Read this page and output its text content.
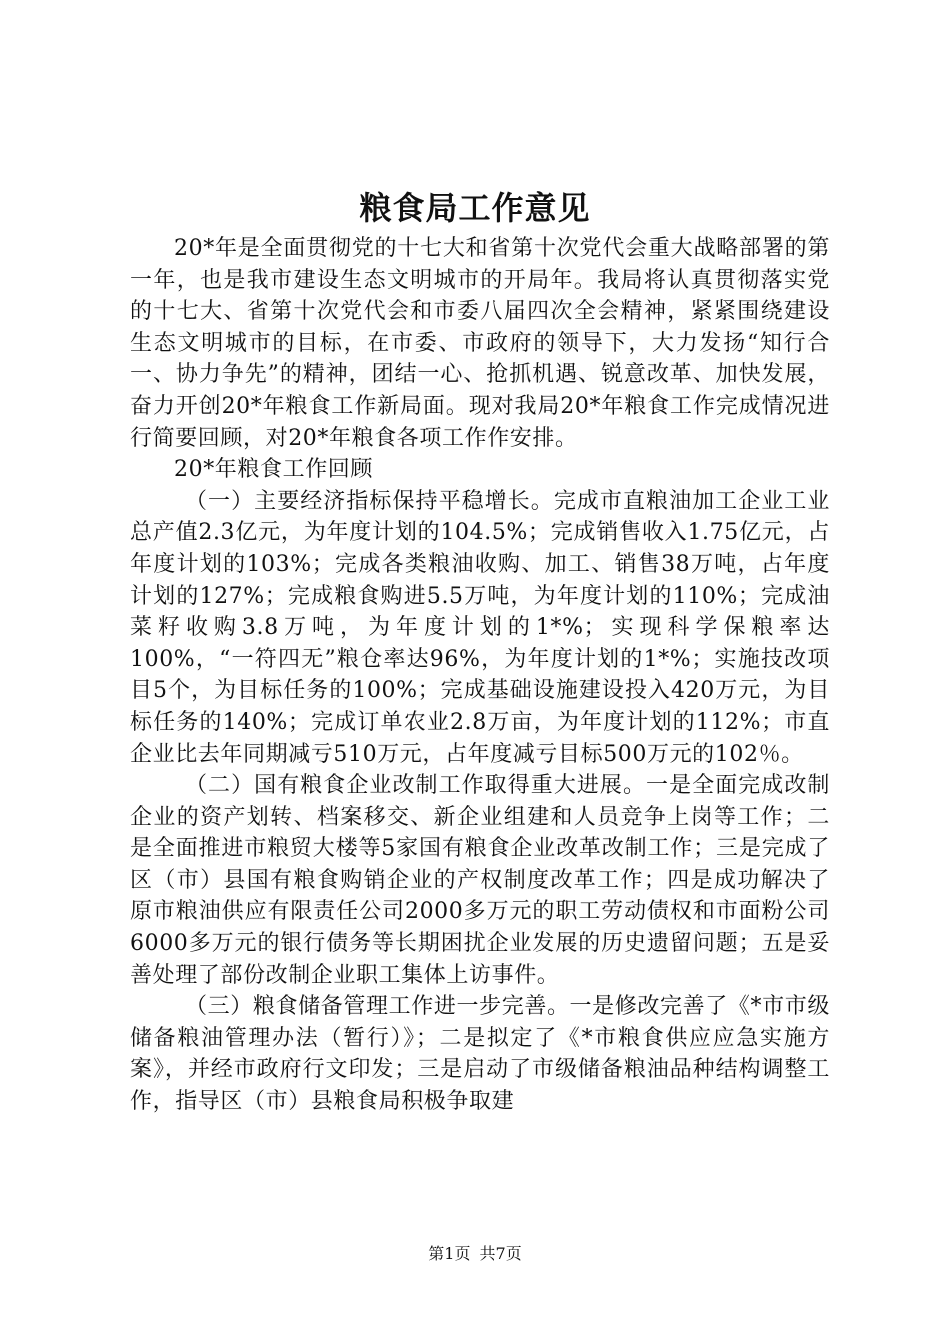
粮食局工作意见

20*年是全面贯彻党的十七大和省第十次党代会重大战略部署的第一年，也是我市建设生态文明城市的开局年。我局将认真贯彻落实党的十七大、省第十次党代会和市委八届四次全会精神，紧紧围绕建设生态文明城市的目标，在市委、市政府的领导下，大力发扬“知行合一、协力争先”的精神，团结一心、抢抓机遇、锐意改革、加快发展，奋力开创20*年粮食工作新局面。现对我局20*年粮食工作完成情况进行简要回顾，对20*年粮食各项工作作安排。

20*年粮食工作回顾

（一）主要经济指标保持平稳增长。完成市直粮油加工企业工业总产值2.3亿元，为年度计划的104.5%；完成销售收入1.75亿元，占年度计划的103%；完成各类粮油收购、加工、销售38万吨，占年度计划的127%；完成粮食购进5.5万吨，为年度计划的110%；完成油菜籽收购3.8万吨，为年度计划的1*%；实现科学保粮率达100%，“一符四无”粮仓率达96%，为年度计划的1*%；实施技改项目5个，为目标任务的100%；完成基础设施建设投入420万元，为目标任务的140%；完成订单农业2.8万亩，为年度计划的112%；市直企业比去年同期减亏510万元，占年度减亏目标500万元的102％。

（二）国有粮食企业改制工作取得重大进展。一是全面完成改制企业的资产划转、档案移交、新企业组建和人员竞争上岗等工作；二是全面推进市粮贸大楼等5家国有粮食企业改革改制工作；三是完成了区（市）县国有粮食购销企业的产权制度改革工作；四是成功解决了原市粮油供应有限责任公司2000多万元的职工劳动债权和市面粉公司6000多万元的银行债务等长期困扰企业发展的历史遗留问题；五是妥善处理了部份改制企业职工集体上访事件。

（三）粮食储备管理工作进一步完善。一是修改完善了《*市市级储备粮油管理办法（暂行）》；二是拟定了《*市粮食供应应急实施方案》，并经市政府行文印发；三是启动了市级储备粮油品种结构调整工作，指导区（市）县粮食局积极争取建

第1页 共7页
